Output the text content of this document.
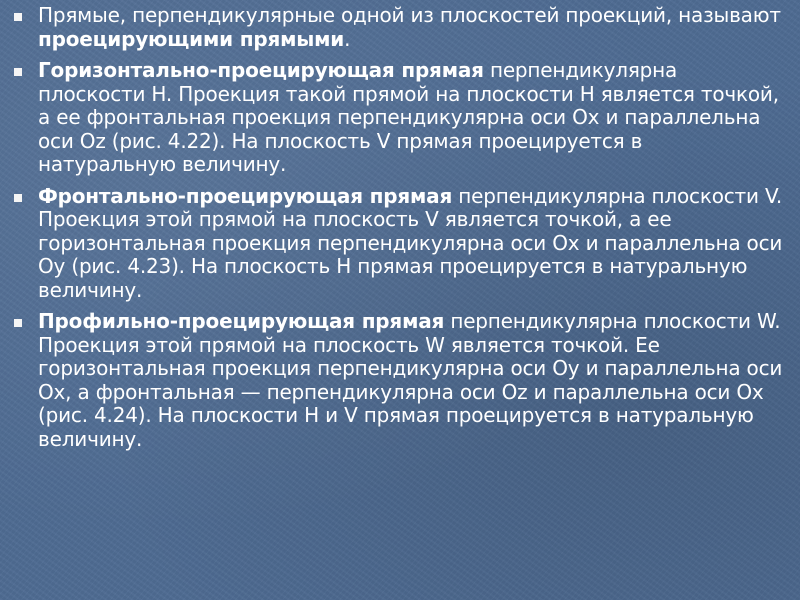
Прямые, перпендикулярные одной из плоскостей проекций, называют проецирующими прямыми.
Горизонтально-проецирующая прямая перпендикулярна плоскости H. Проекция такой прямой на плоскости H является точкой, а ее фронтальная проекция перпендикулярна оси Ox и параллельна оси Oz (рис. 4.22). На плоскость V прямая проецируется в натуральную величину.
Фронтально-проецирующая прямая перпендикулярна плоскости V. Проекция этой прямой на плоскость V является точкой, а ее горизонтальная проекция перпендикулярна оси Ox и параллельна оси Oy (рис. 4.23). На плоскость H прямая проецируется в натуральную величину.
Профильно-проецирующая прямая перпендикулярна плоскости W. Проекция этой прямой на плоскость W является точкой. Ее горизонтальная проекция перпендикулярна оси Oy и параллельна оси Ox, а фронтальная — перпендикулярна оси Oz и параллельна оси Ox (рис. 4.24). На плоскости H и V прямая проецируется в натуральную величину.
